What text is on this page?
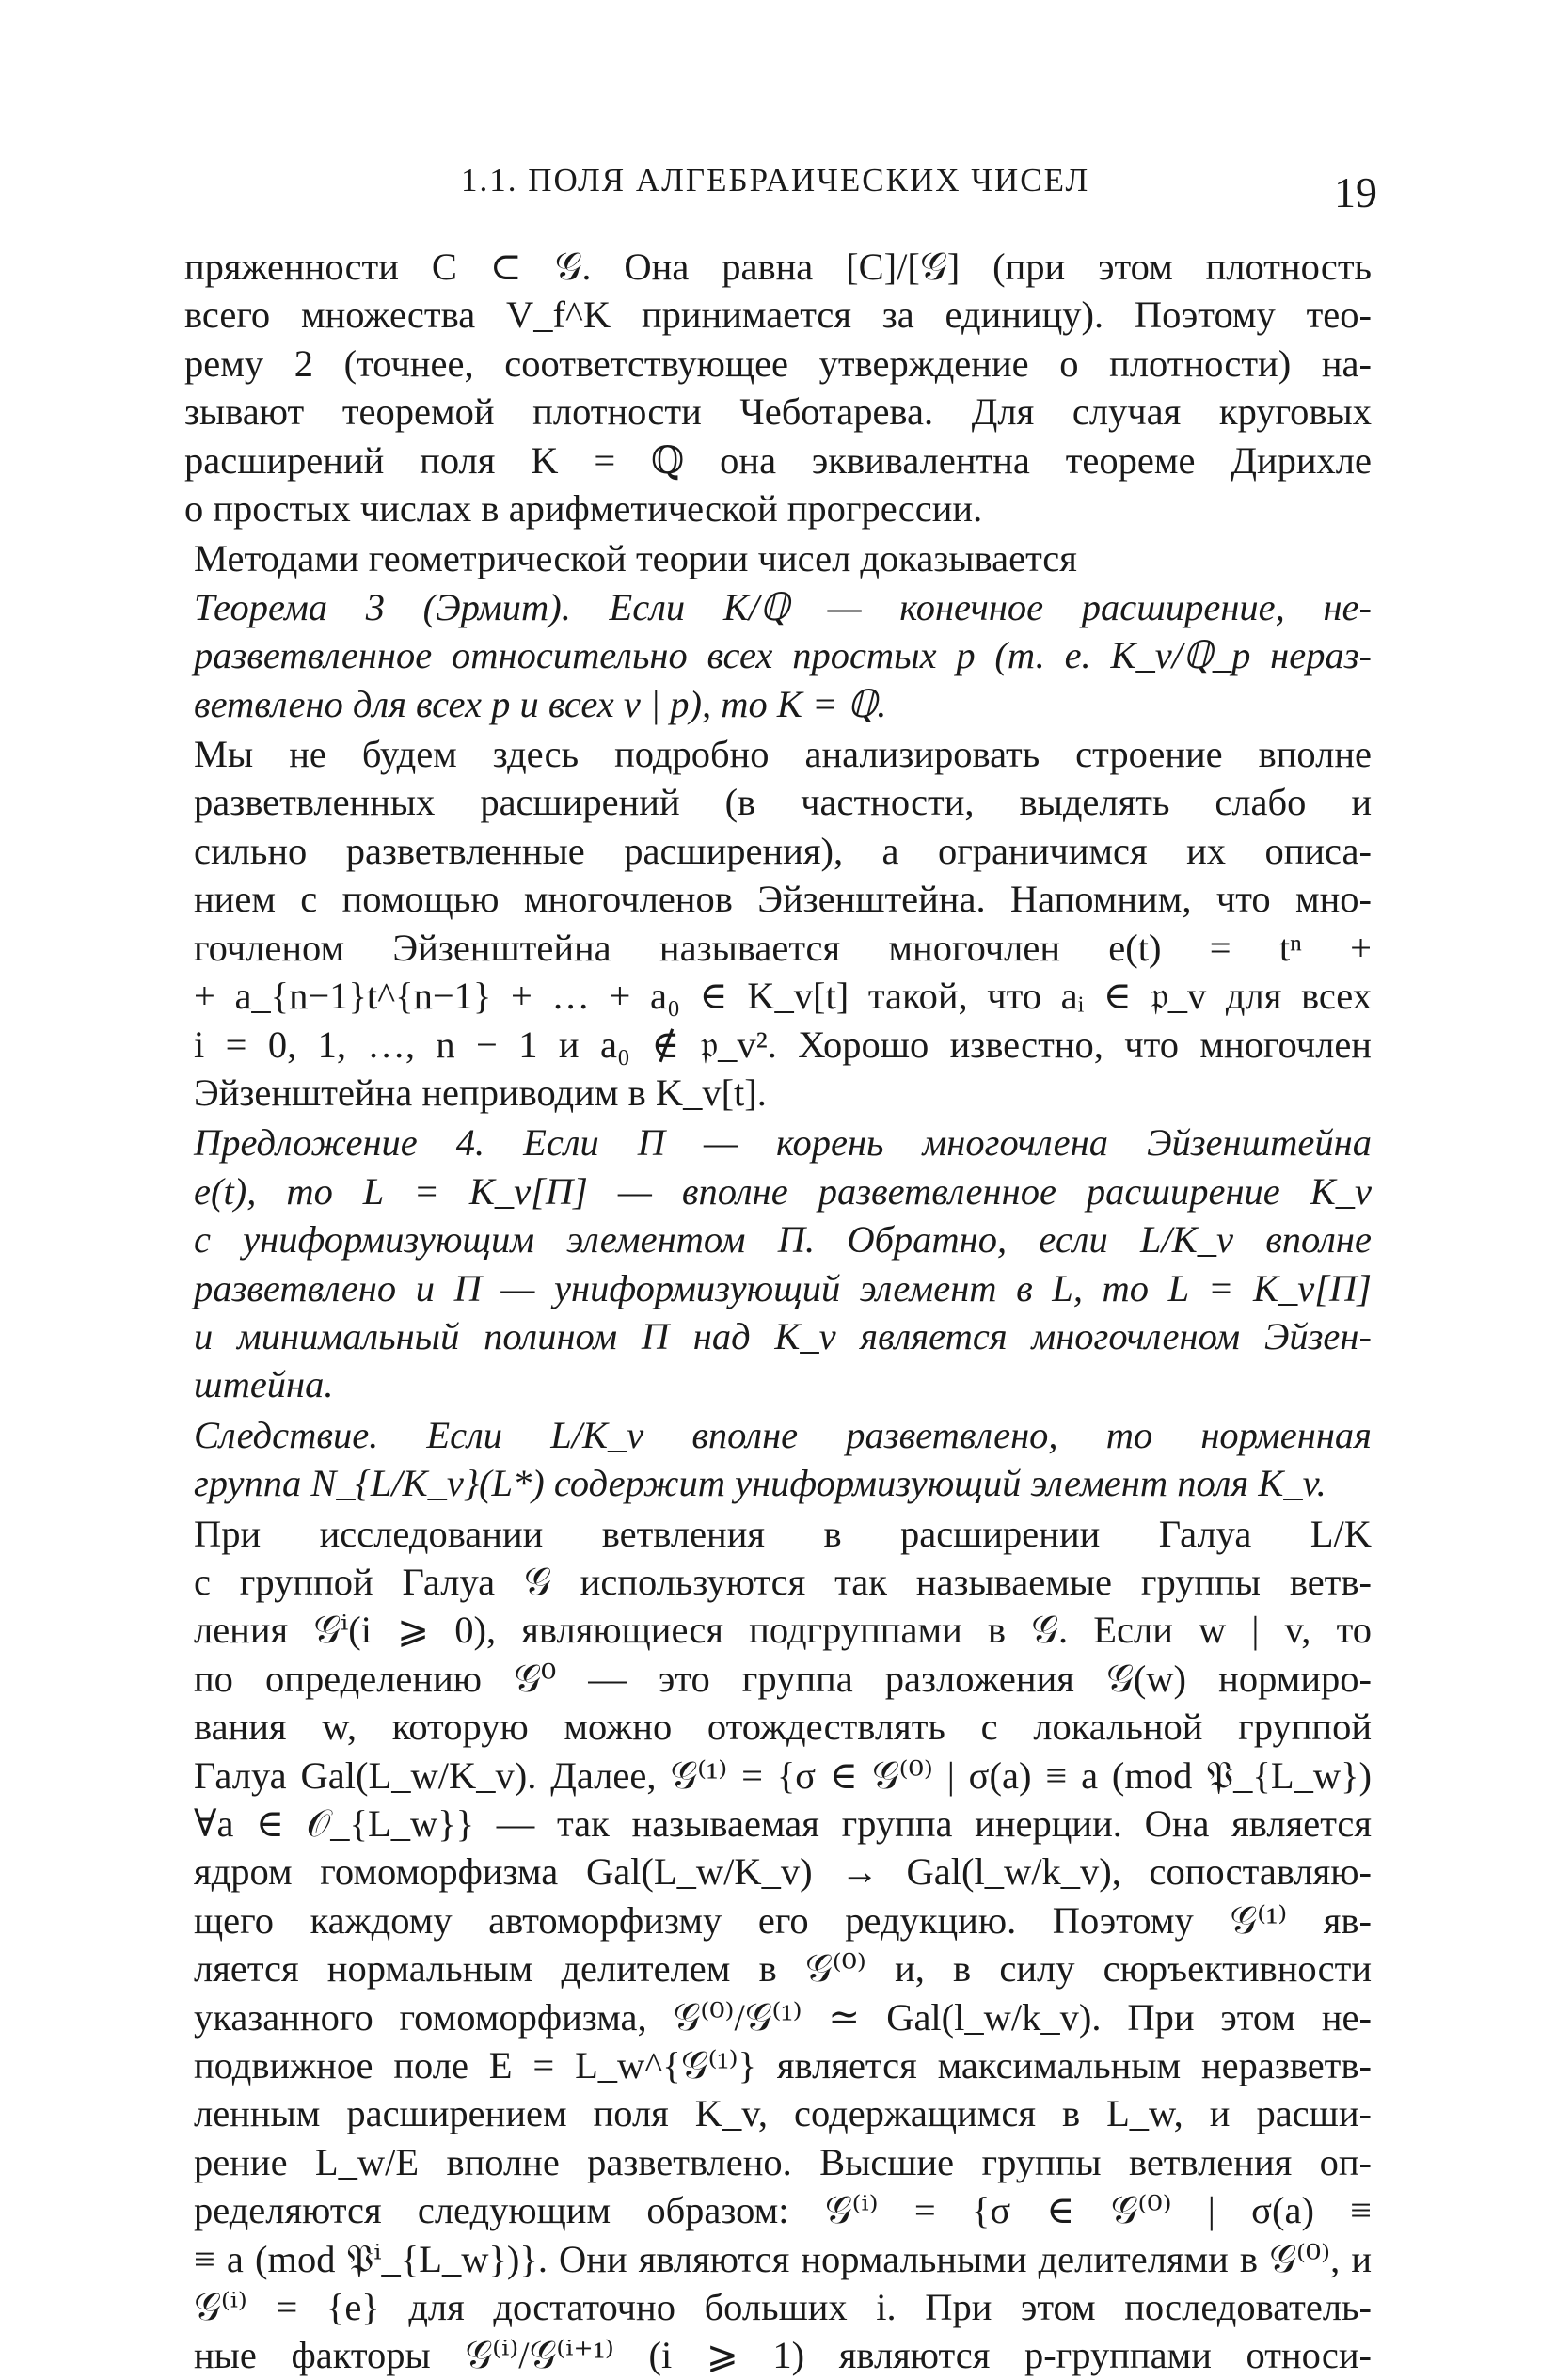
1.1. ПОЛЯ АЛГЕБРАИЧЕСКИХ ЧИСЕЛ	19
пряженности C ⊂ 𝒢. Она равна [C]/[𝒢] (при этом плотность
всего множества V_f^K принимается за единицу). Поэтому тео-
рему 2 (точнее, соответствующее утверждение о плотности) на-
зывают теоремой плотности Чеботарева. Для случая круговых
расширений поля K = ℚ она эквивалентна теореме Дирихле
о простых числах в арифметической прогрессии.
Методами геометрической теории чисел доказывается
Теорема 3 (Эрмит). Если K/ℚ — конечное расширение, не-
разветвленное относительно всех простых p (т. е. K_v/ℚ_p нераз-
ветвлено для всех p и всех v | p), то K = ℚ.
Мы не будем здесь подробно анализировать строение вполне
разветвленных расширений (в частности, выделять слабо и
сильно разветвленные расширения), а ограничимся их описа-
нием с помощью многочленов Эйзенштейна. Напомним, что мно-
гочленом Эйзенштейна называется многочлен e(t) = tⁿ +
+ a_{n−1}t^{n−1} + … + a₀ ∈ K_v[t] такой, что aᵢ ∈ 𝔭_v для всех
i = 0, 1, …, n − 1 и a₀ ∉ 𝔭_v². Хорошо известно, что многочлен
Эйзенштейна неприводим в K_v[t].
Предложение 4. Если Π — корень многочлена Эйзенштейна
e(t), то L = K_v[Π] — вполне разветвленное расширение K_v
с униформизующим элементом Π. Обратно, если L/K_v вполне
разветвлено и Π — униформизующий элемент в L, то L = K_v[Π]
и минимальный полином Π над K_v является многочленом Эйзен-
штейна.
Следствие. Если L/K_v вполне разветвлено, то норменная
группа N_{L/K_v}(L*) содержит униформизующий элемент поля K_v.
При исследовании ветвления в расширении Галуа L/K
с группой Галуа 𝒢 используются так называемые группы ветв-
ления 𝒢ⁱ(i ⩾ 0), являющиеся подгруппами в 𝒢. Если w | v, то
по определению 𝒢⁰ — это группа разложения 𝒢(w) нормиро-
вания w, которую можно отождествлять с локальной группой
Галуа Gal(L_w/K_v). Далее, 𝒢⁽¹⁾ = {σ ∈ 𝒢⁽⁰⁾ | σ(a) ≡ a (mod 𝔓_{L_w})
∀a ∈ 𝒪_{L_w}} — так называемая группа инерции. Она является
ядром гомоморфизма Gal(L_w/K_v) → Gal(l_w/k_v), сопоставляю-
щего каждому автоморфизму его редукцию. Поэтому 𝒢⁽¹⁾ яв-
ляется нормальным делителем в 𝒢⁽⁰⁾ и, в силу сюръективности
указанного гомоморфизма, 𝒢⁽⁰⁾/𝒢⁽¹⁾ ≃ Gal(l_w/k_v). При этом не-
подвижное поле E = L_w^{𝒢⁽¹⁾} является максимальным неразветв-
ленным расширением поля K_v, содержащимся в L_w, и расши-
рение L_w/E вполне разветвлено. Высшие группы ветвления оп-
ределяются следующим образом: 𝒢⁽ⁱ⁾ = {σ ∈ 𝒢⁽⁰⁾ | σ(a) ≡
≡ a (mod 𝔓ⁱ_{L_w})}. Они являются нормальными делителями в 𝒢⁽⁰⁾, и
𝒢⁽ⁱ⁾ = {e} для достаточно больших i. При этом последователь-
ные факторы 𝒢⁽ⁱ⁾/𝒢⁽ⁱ⁺¹⁾ (i ⩾ 1) являются p-группами относи-
